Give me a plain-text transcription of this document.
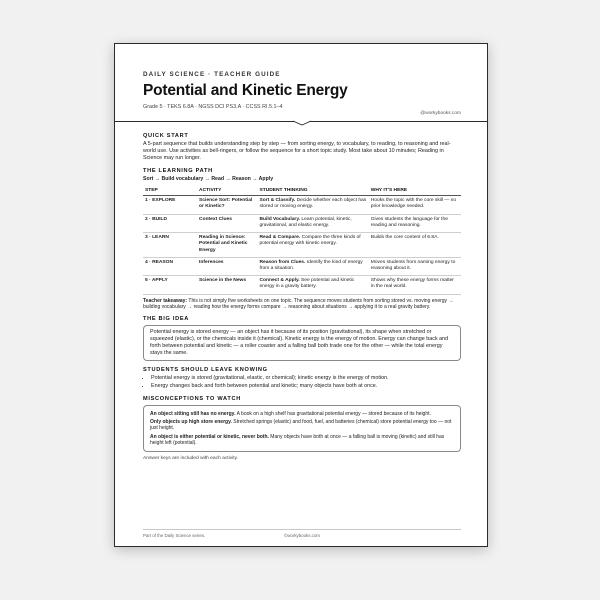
DAILY SCIENCE · TEACHER GUIDE
Potential and Kinetic Energy
Grade 5 · TEKS 6.8A · NGSS DCI PS3.A · CCSS RI.5.1–4
@workybooks.com
QUICK START
A 5-part sequence that builds understanding step by step — from sorting energy, to vocabulary, to reading, to reasoning and real-world use. Use activities as bell-ringers, or follow the sequence for a short topic study. Most take about 10 minutes; Reading in Science may run longer.
THE LEARNING PATH
Sort → Build vocabulary → Read → Reason → Apply
STEP	ACTIVITY	STUDENT THINKING	WHY IT'S HERE
1 · EXPLORE	Science Sort: Potential or Kinetic?	Sort & Classify. Decide whether each object has stored or moving energy.	Hooks the topic with the core skill — no prior knowledge needed.
2 · BUILD	Context Clues	Build Vocabulary. Learn potential, kinetic, gravitational, and elastic energy.	Gives students the language for the reading and reasoning.
3 · LEARN	Reading in Science: Potential and Kinetic Energy	Read & Compare. Compare the three kinds of potential energy with kinetic energy.	Builds the core content of 6.8A.
4 · REASON	Inferences	Reason from Clues. Identify the kind of energy from a situation.	Moves students from naming energy to reasoning about it.
5 · APPLY	Science in the News	Connect & Apply. See potential and kinetic energy in a gravity battery.	Shows why these energy forms matter in the real world.
Teacher takeaway: This is not simply five worksheets on one topic. The sequence moves students from sorting stored vs. moving energy → building vocabulary → reading how the energy forms compare → reasoning about situations → applying it to a real gravity battery.
THE BIG IDEA
Potential energy is stored energy — an object has it because of its position (gravitational), its shape when stretched or squeezed (elastic), or the chemicals inside it (chemical). Kinetic energy is the energy of motion. Energy can change back and forth between potential and kinetic — a roller coaster and a falling ball both trade one for the other — while the total energy stays the same.
STUDENTS SHOULD LEAVE KNOWING
• Potential energy is stored (gravitational, elastic, or chemical); kinetic energy is the energy of motion.
• Energy changes back and forth between potential and kinetic; many objects have both at once.
MISCONCEPTIONS TO WATCH
An object sitting still has no energy. A book on a high shelf has gravitational potential energy — stored because of its height.
Only objects up high store energy. Stretched springs (elastic) and food, fuel, and batteries (chemical) store potential energy too — not just height.
An object is either potential or kinetic, never both. Many objects have both at once — a falling ball is moving (kinetic) and still has height left (potential).
Answer keys are included with each activity.
Part of the Daily Science series.	©workybooks.com
